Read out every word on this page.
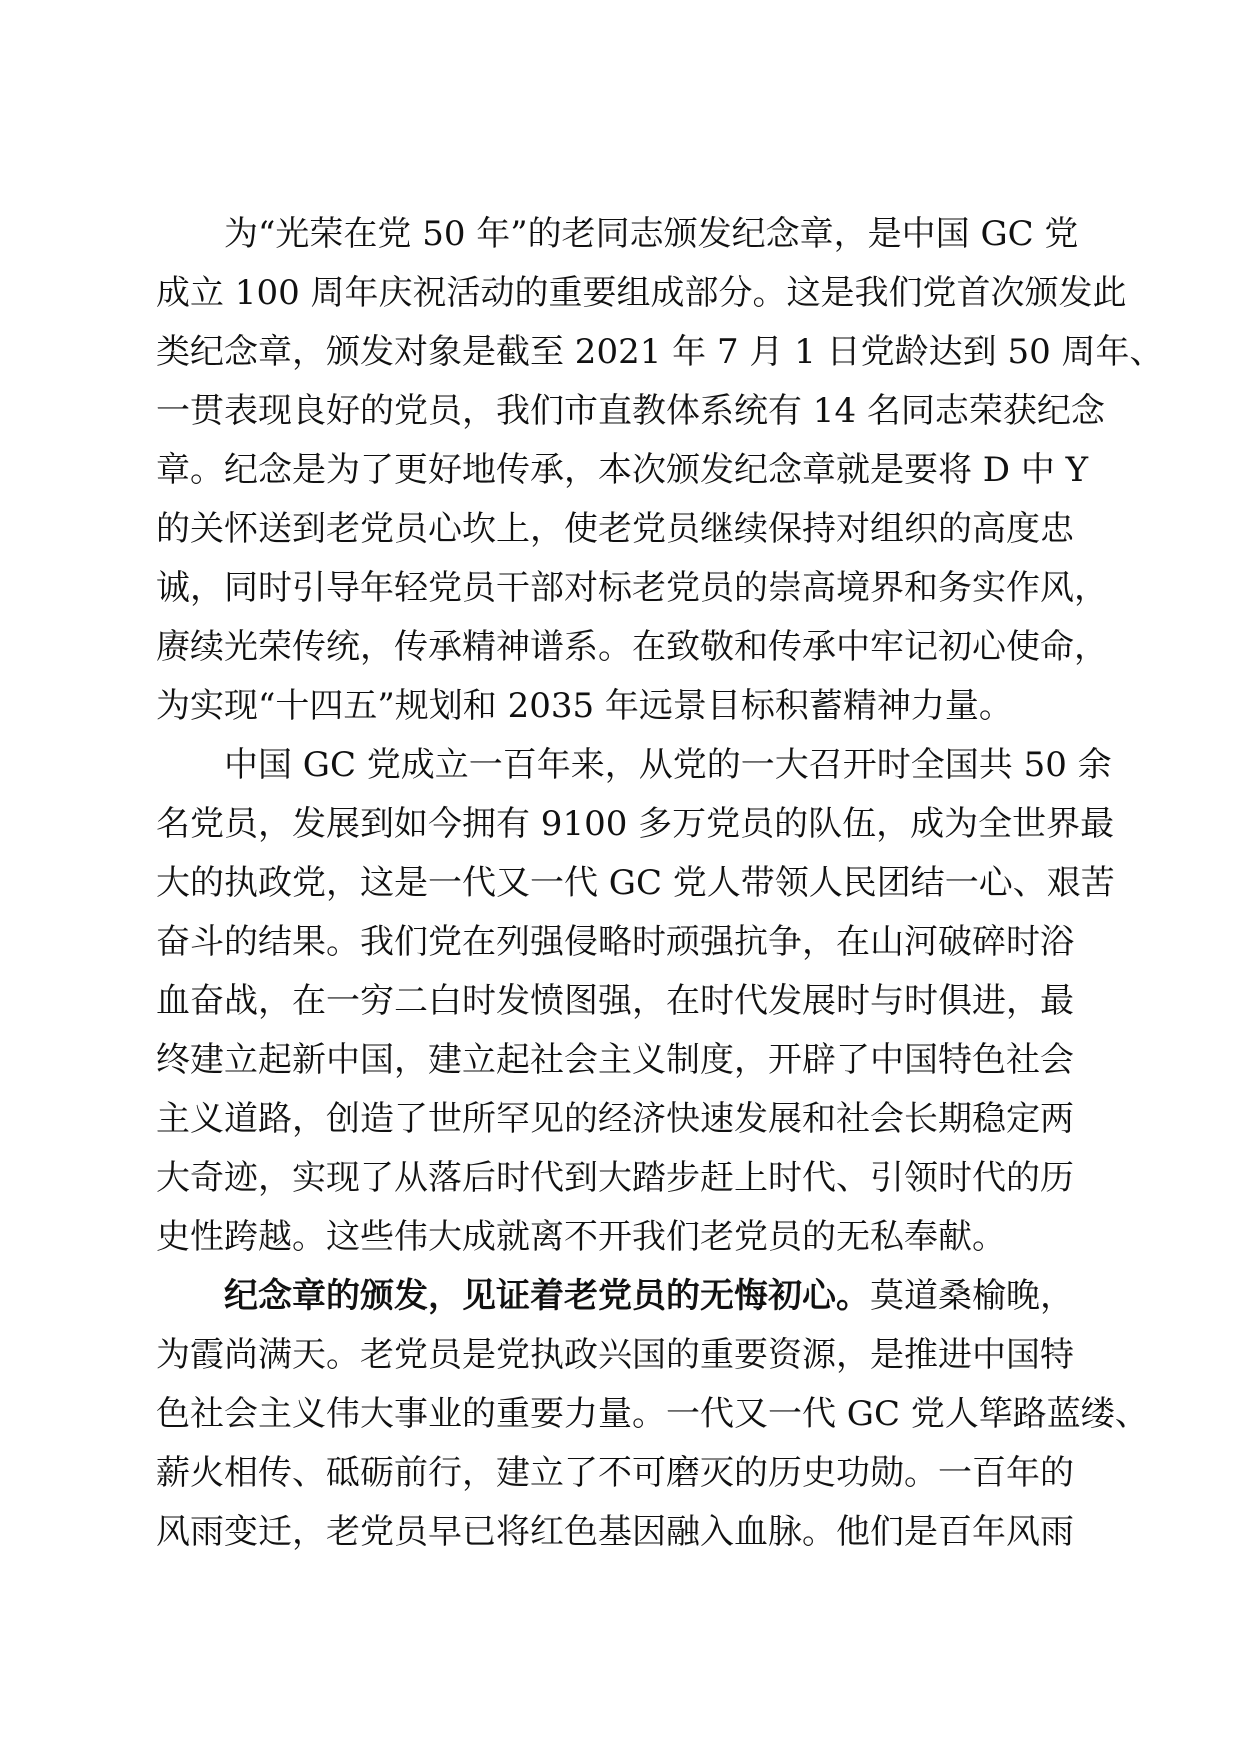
为“光荣在党 50 年”的老同志颁发纪念章，是中国 GC 党
成立 100 周年庆祝活动的重要组成部分。这是我们党首次颁发此
类纪念章，颁发对象是截至 2021 年 7 月 1 日党龄达到 50 周年、
一贯表现良好的党员，我们市直教体系统有 14 名同志荣获纪念
章。纪念是为了更好地传承，本次颁发纪念章就是要将 D 中 Y
的关怀送到老党员心坎上，使老党员继续保持对组织的高度忠
诚，同时引导年轻党员干部对标老党员的崇高境界和务实作风，
赓续光荣传统，传承精神谱系。在致敬和传承中牢记初心使命，
为实现“十四五”规划和 2035 年远景目标积蓄精神力量。
中国 GC 党成立一百年来，从党的一大召开时全国共 50 余
名党员，发展到如今拥有 9100 多万党员的队伍，成为全世界最
大的执政党，这是一代又一代 GC 党人带领人民团结一心、艰苦
奋斗的结果。我们党在列强侵略时顽强抗争，在山河破碎时浴
血奋战，在一穷二白时发愤图强，在时代发展时与时俱进，最
终建立起新中国，建立起社会主义制度，开辟了中国特色社会
主义道路，创造了世所罕见的经济快速发展和社会长期稳定两
大奇迹，实现了从落后时代到大踏步赶上时代、引领时代的历
史性跨越。这些伟大成就离不开我们老党员的无私奉献。
纪念章的颁发，见证着老党员的无悔初心。莫道桑榆晚，
为霞尚满天。老党员是党执政兴国的重要资源，是推进中国特
色社会主义伟大事业的重要力量。一代又一代 GC 党人筚路蓝缕、
薪火相传、砥砺前行，建立了不可磨灭的历史功勋。一百年的
风雨变迁，老党员早已将红色基因融入血脉。他们是百年风雨
